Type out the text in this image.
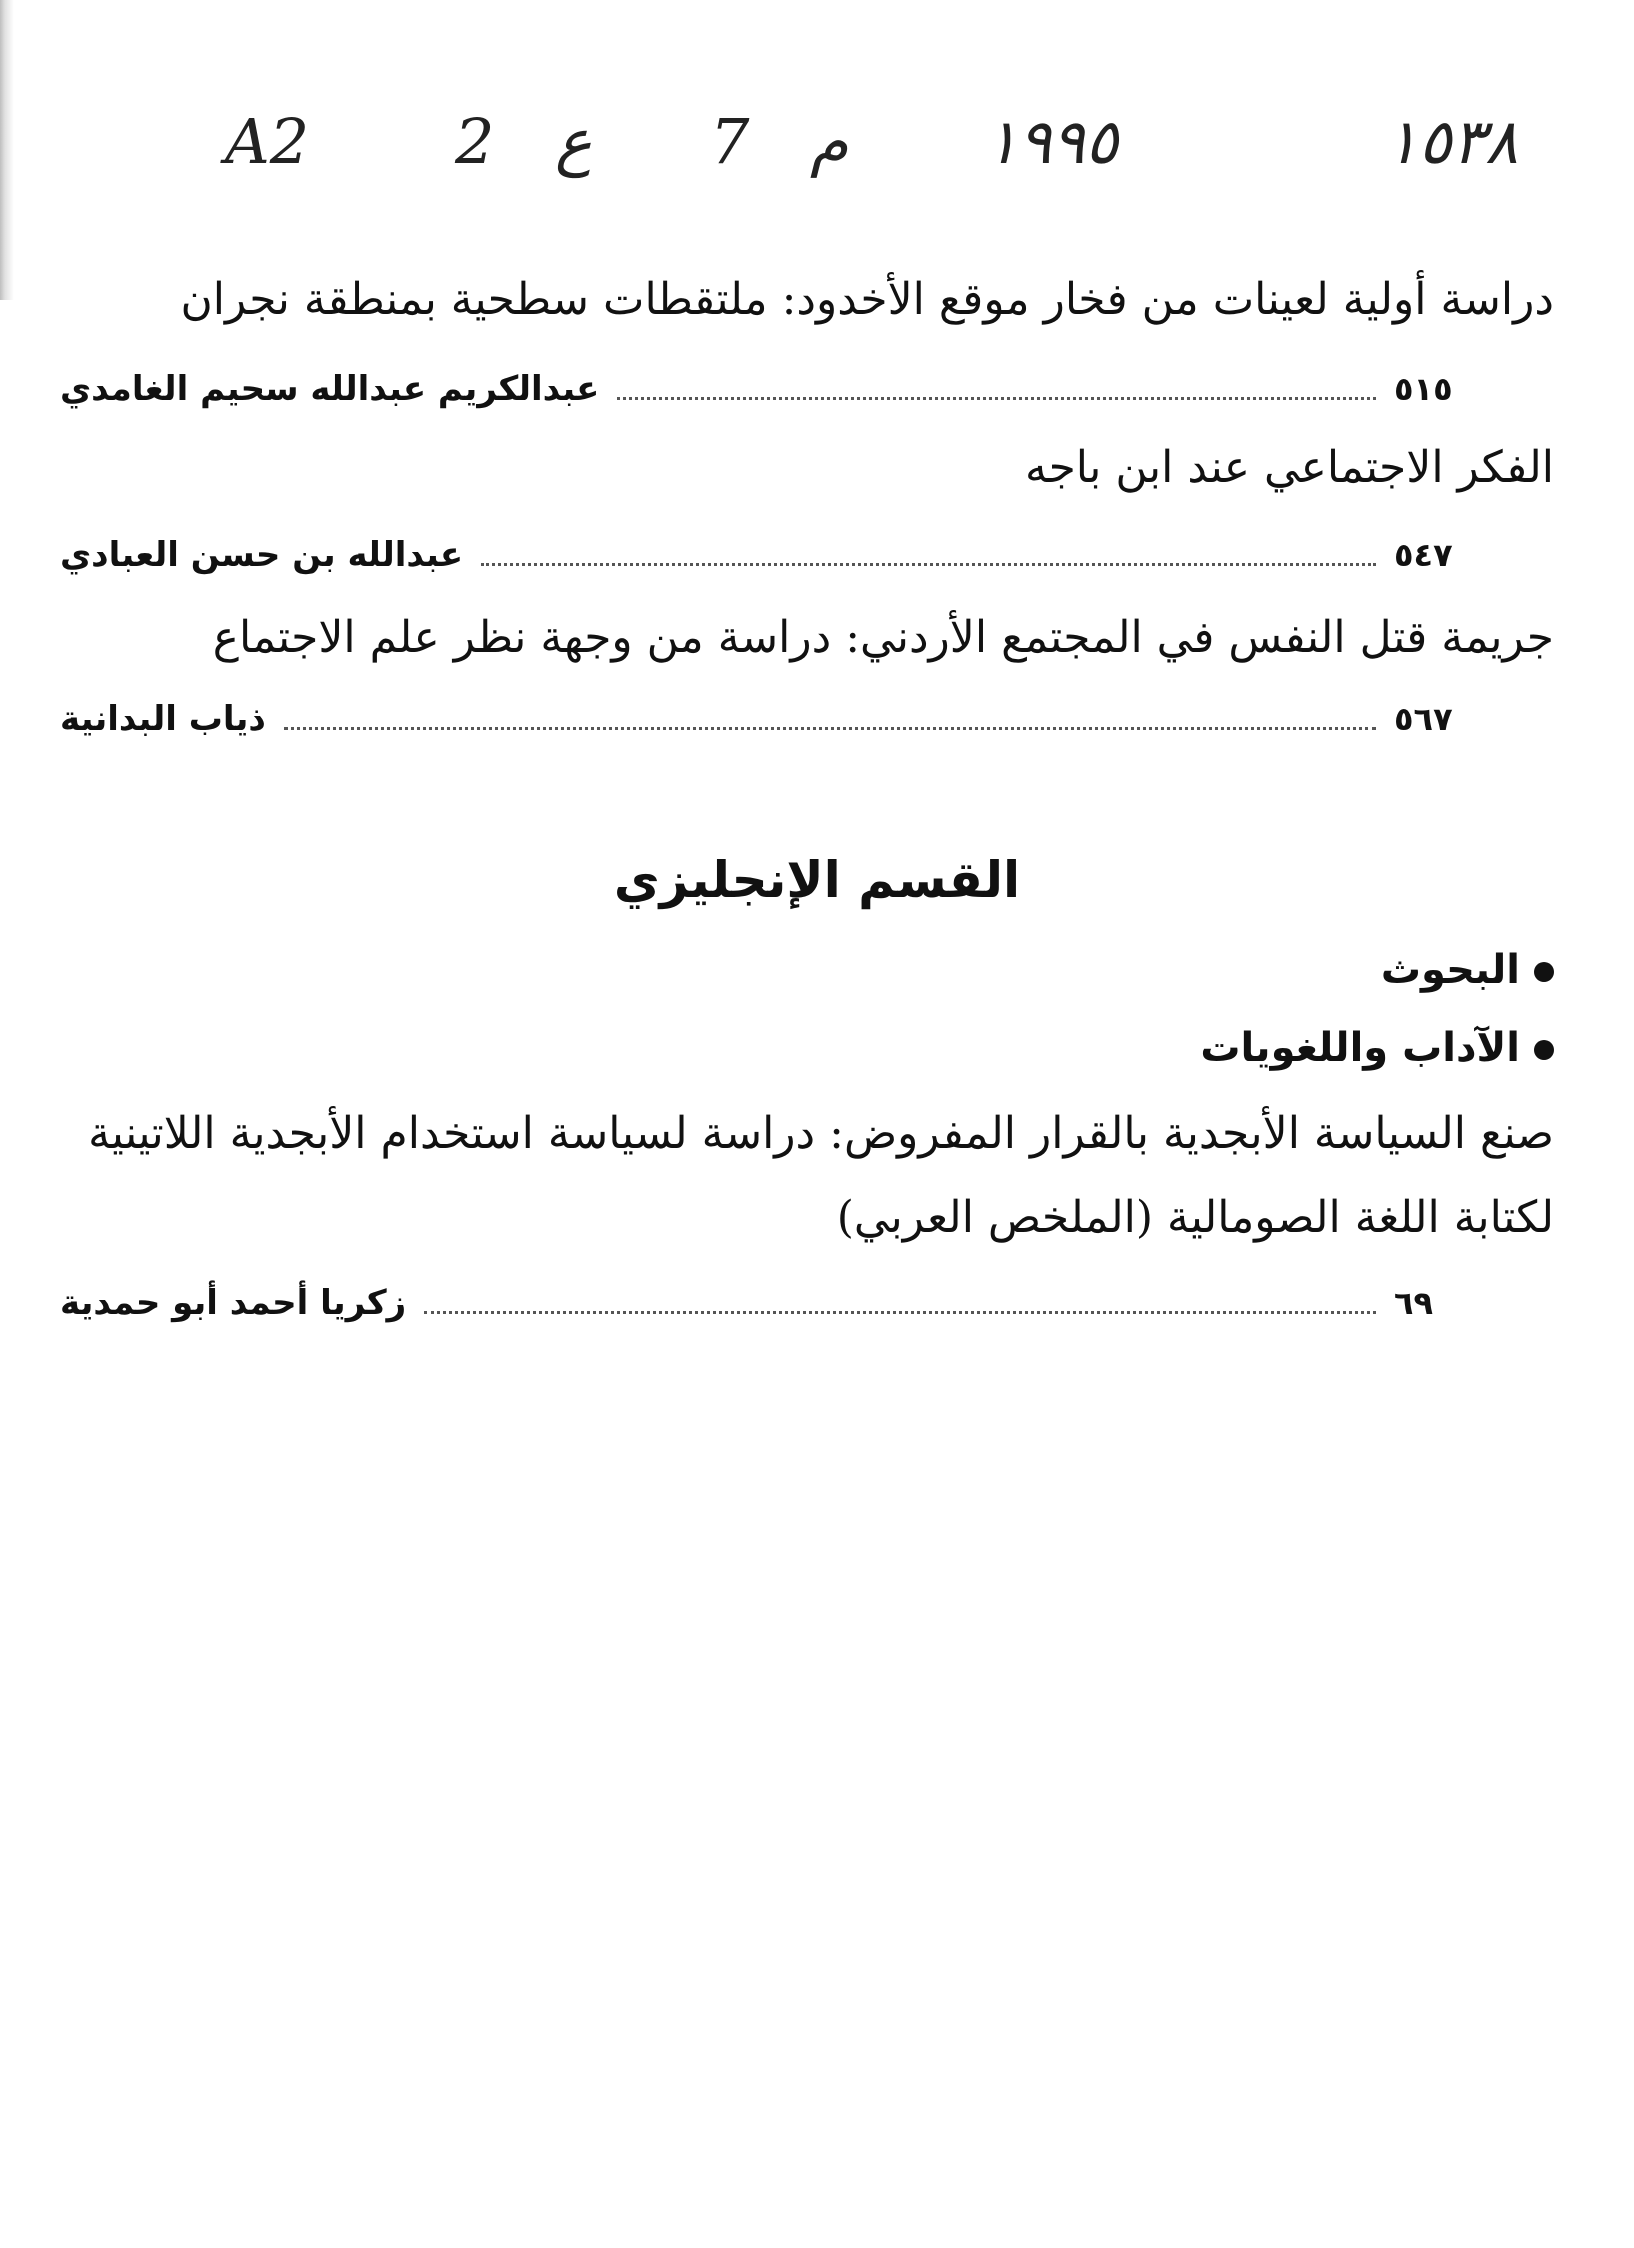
A2 2 ع 7 م ١٩٩٥	١٥٣٨
دراسة أولية لعينات من فخار موقع الأخدود: ملتقطات سطحية بمنطقة نجران
عبدالكريم عبدالله سحيم الغامدي	٥١٥
الفكر الاجتماعي عند ابن باجه
عبدالله بن حسن العبادي	٥٤٧
جريمة قتل النفس في المجتمع الأردني: دراسة من وجهة نظر علم الاجتماع
ذياب البدانية	٥٦٧
القسم الإنجليزي
البحوث
الآداب واللغويات
صنع السياسة الأبجدية بالقرار المفروض: دراسة لسياسة استخدام الأبجدية اللاتينية
لكتابة اللغة الصومالية (الملخص العربي)
زكريا أحمد أبو حمدية	٦٩
